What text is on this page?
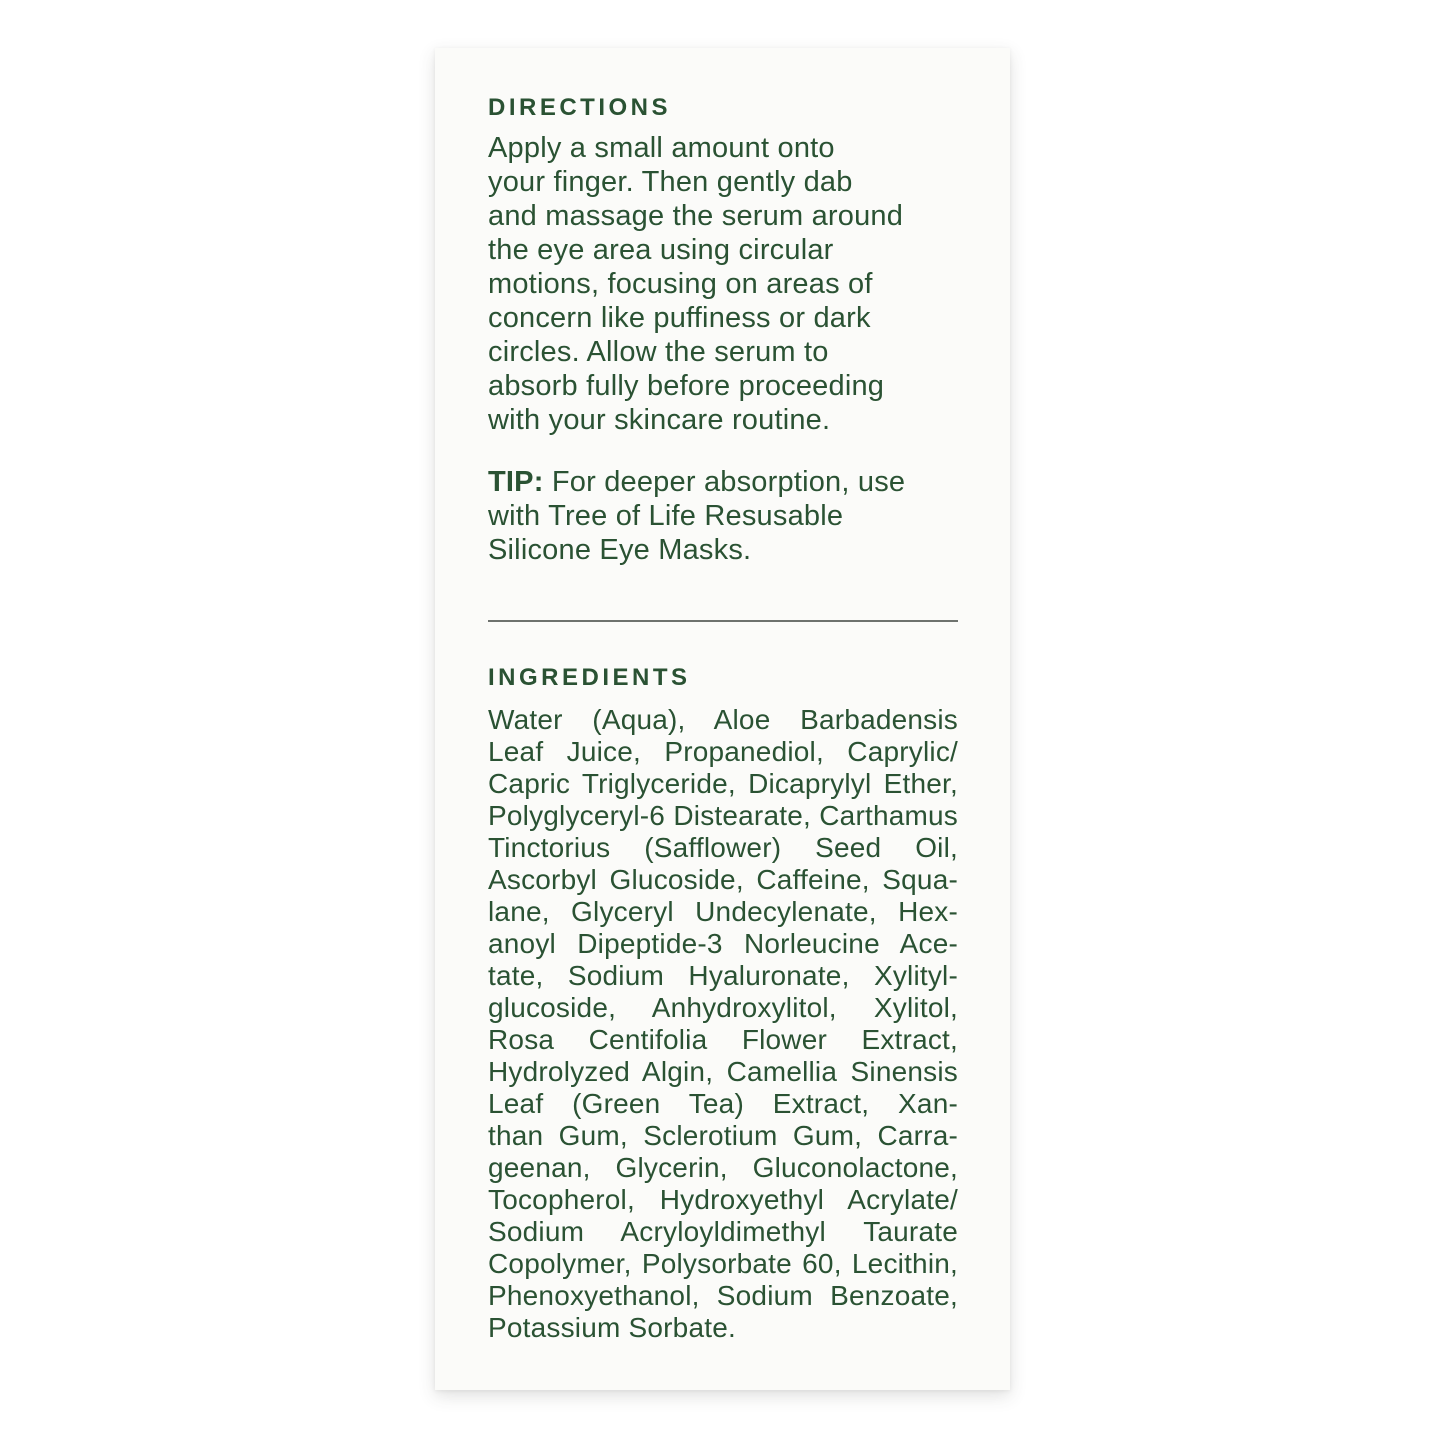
DIRECTIONS
Apply a small amount onto
your finger. Then gently dab
and massage the serum around
the eye area using circular
motions, focusing on areas of
concern like puffiness or dark
circles. Allow the serum to
absorb fully before proceeding
with your skincare routine.
TIP: For deeper absorption, use
with Tree of Life Resusable
Silicone Eye Masks.
INGREDIENTS
Water (Aqua), Aloe Barbadensis
Leaf Juice, Propanediol, Caprylic/
Capric Triglyceride, Dicaprylyl Ether,
Polyglyceryl-6 Distearate, Carthamus
Tinctorius (Safflower) Seed Oil,
Ascorbyl Glucoside, Caffeine, Squa-
lane, Glyceryl Undecylenate, Hex-
anoyl Dipeptide-3 Norleucine Ace-
tate, Sodium Hyaluronate, Xylityl-
glucoside, Anhydroxylitol, Xylitol,
Rosa Centifolia Flower Extract,
Hydrolyzed Algin, Camellia Sinensis
Leaf (Green Tea) Extract, Xan-
than Gum, Sclerotium Gum, Carra-
geenan, Glycerin, Gluconolactone,
Tocopherol, Hydroxyethyl Acrylate/
Sodium Acryloyldimethyl Taurate
Copolymer, Polysorbate 60, Lecithin,
Phenoxyethanol, Sodium Benzoate,
Potassium Sorbate.
